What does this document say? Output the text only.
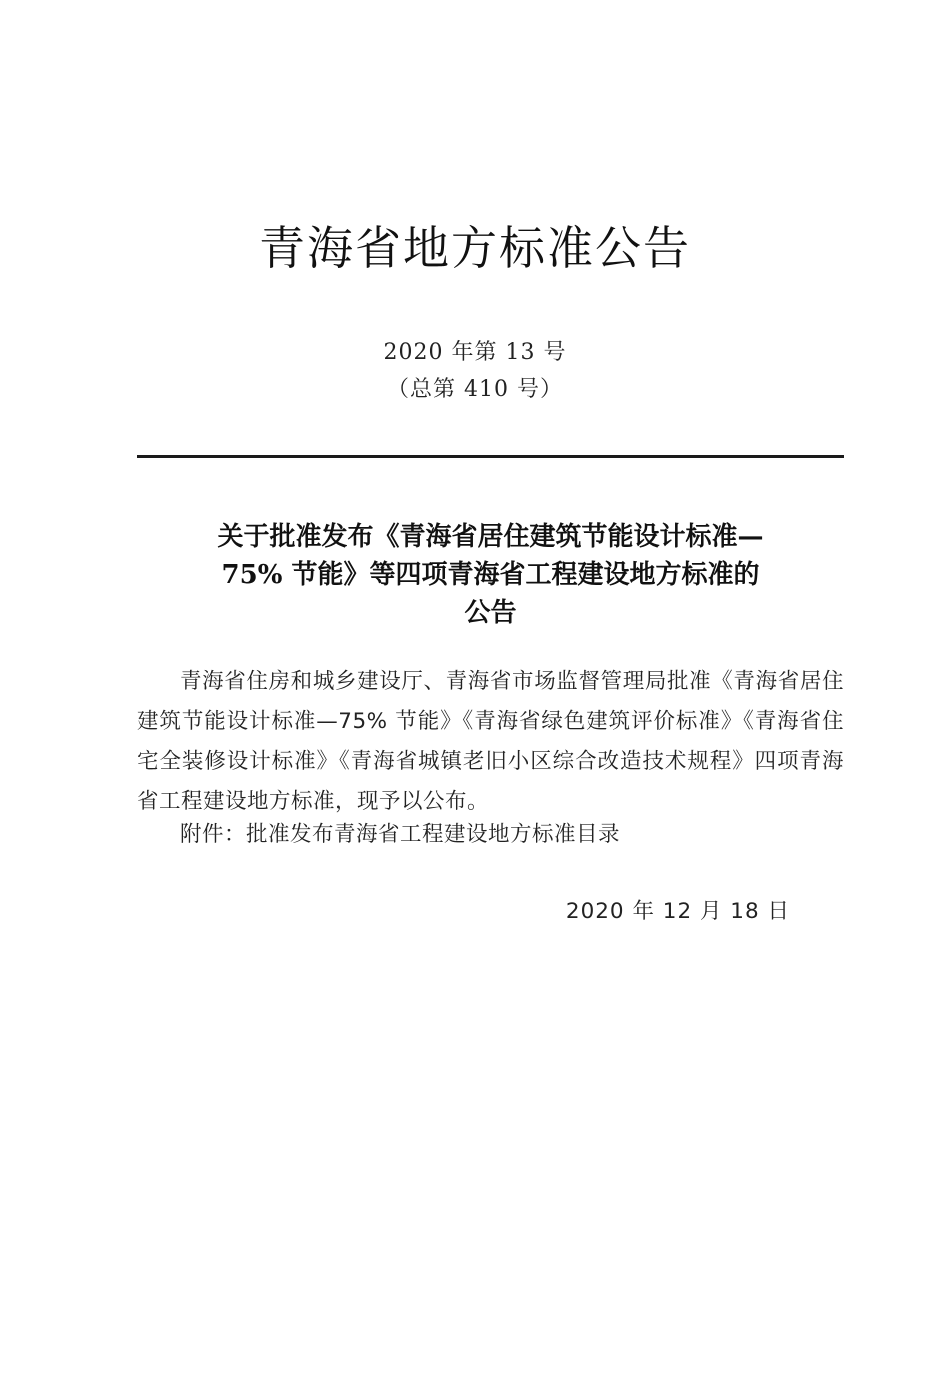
青海省地方标准公告
2020 年第 13 号
（总第 410 号）
关于批准发布《青海省居住建筑节能设计标准—
75% 节能》等四项青海省工程建设地方标准的
公告

青海省住房和城乡建设厅、青海省市场监督管理局批准《青海省居住建筑节能设计标准—75% 节能》《青海省绿色建筑评价标准》《青海省住宅全装修设计标准》《青海省城镇老旧小区综合改造技术规程》四项青海省工程建设地方标准，现予以公布。

附件：批准发布青海省工程建设地方标准目录

2020 年 12 月 18 日
